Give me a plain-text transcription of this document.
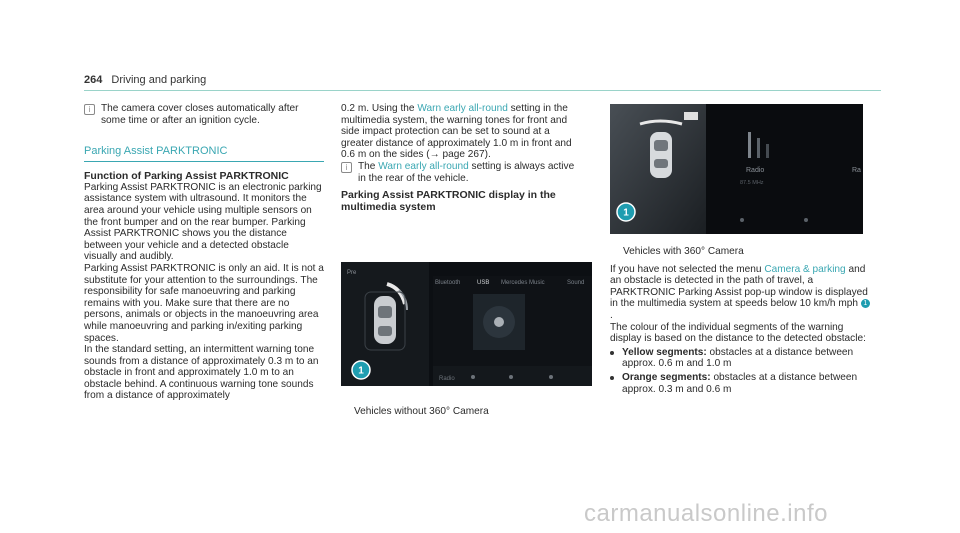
264 Driving and parking
i	The camera cover closes automatically after some time or after an ignition cycle.

Parking Assist PARKTRONIC
Function of Parking Assist PARKTRONIC

Parking Assist PARKTRONIC is an electronic parking assistance system with ultrasound. It monitors the area around your vehicle using multiple sensors on the front bumper and on the rear bumper. Parking Assist PARKTRONIC shows you the distance between your vehicle and a detected obstacle visually and audibly.

Parking Assist PARKTRONIC is only an aid. It is not a substitute for your attention to the surroundings. The responsibility for safe manoeuvring and parking remains with you. Make sure that there are no persons, animals or objects in the manoeuvring area while manoeuvring and parking in/exiting parking spaces.

In the standard setting, an intermittent warning tone sounds from a distance of approximately 0.3 m to an obstacle in front and approximately 1.0 m to an obstacle behind. A continuous warning tone sounds from a distance of approximately

0.2 m. Using the Warn early all-round setting in the multimedia system, the warning tones for front and side impact protection can be set to sound at a greater distance of approximately 1.0 m in front and 0.6 m on the sides (→ page 267).

i	The Warn early all-round setting is always active in the rear of the vehicle.

Parking Assist PARKTRONIC display in the multimedia system
Pre
Bluetooth	USB Mercedes Music	Sound
Radio
1
Vehicles without 360° Camera
Radio
87.5 MHz
Ra
1
Vehicles with 360° Camera

If you have not selected the menu Camera & parking and an obstacle is detected in the path of travel, a PARKTRONIC Parking Assist pop-up window is displayed in the multimedia system at speeds below 10 km/h mph 1.

The colour of the individual segments of the warning display is based on the distance to the detected obstacle:

Yellow segments: obstacles at a distance between approx. 0.6 m and 1.0 m

Orange segments: obstacles at a distance between approx. 0.3 m and 0.6 m

carmanualsonline.info
